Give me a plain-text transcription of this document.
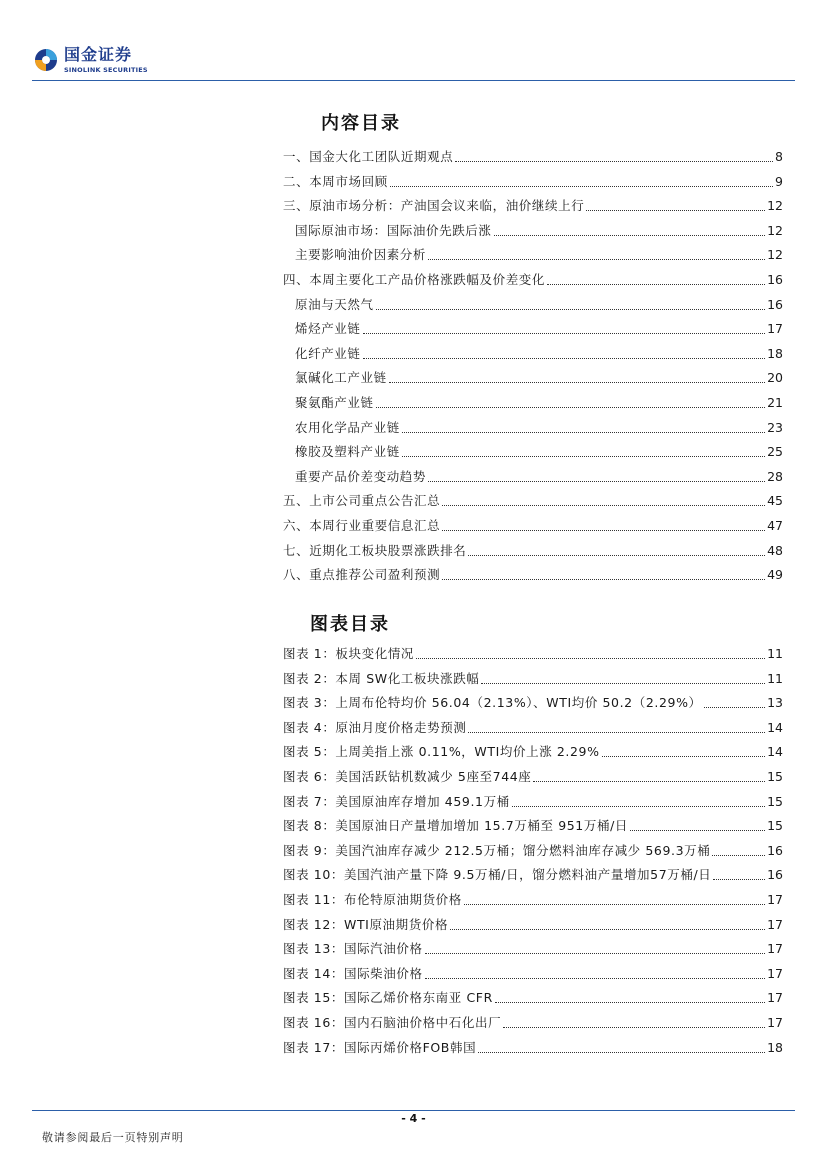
国金证券
SINOLINK SECURITIES
内容目录
一、国金大化工团队近期观点	8
二、本周市场回顾	9
三、原油市场分析：产油国会议来临，油价继续上行	12
国际原油市场：国际油价先跌后涨	12
主要影响油价因素分析	12
四、本周主要化工产品价格涨跌幅及价差变化	16
原油与天然气	16
烯烃产业链	17
化纤产业链	18
氯碱化工产业链	20
聚氨酯产业链	21
农用化学品产业链	23
橡胶及塑料产业链	25
重要产品价差变动趋势	28
五、上市公司重点公告汇总	45
六、本周行业重要信息汇总	47
七、近期化工板块股票涨跌排名	48
八、重点推荐公司盈利预测	49
图表目录
图表 1：板块变化情况	11
图表 2：本周 SW化工板块涨跌幅	11
图表 3：上周布伦特均价 56.04（2.13%）、WTI均价 50.2（2.29%）	13
图表 4：原油月度价格走势预测	14
图表 5：上周美指上涨 0.11%，WTI均价上涨 2.29%	14
图表 6：美国活跃钻机数减少 5座至744座	15
图表 7：美国原油库存增加 459.1万桶	15
图表 8：美国原油日产量增加增加 15.7万桶至 951万桶/日	15
图表 9：美国汽油库存减少 212.5万桶；馏分燃料油库存减少 569.3万桶	16
图表 10：美国汽油产量下降 9.5万桶/日，馏分燃料油产量增加57万桶/日	16
图表 11：布伦特原油期货价格	17
图表 12：WTI原油期货价格	17
图表 13：国际汽油价格	17
图表 14：国际柴油价格	17
图表 15：国际乙烯价格东南亚 CFR	17
图表 16：国内石脑油价格中石化出厂	17
图表 17：国际丙烯价格FOB韩国	18
- 4 -
敬请参阅最后一页特别声明
